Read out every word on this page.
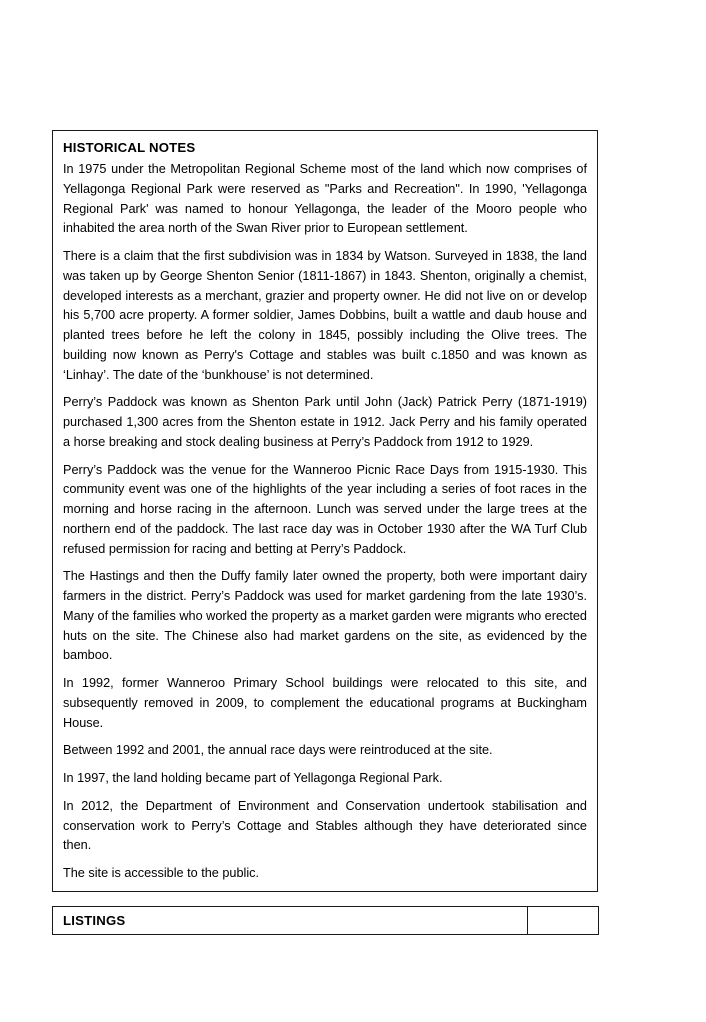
HISTORICAL NOTES

In 1975 under the Metropolitan Regional Scheme most of the land which now comprises of Yellagonga Regional Park were reserved as "Parks and Recreation". In 1990, 'Yellagonga Regional Park' was named to honour Yellagonga, the leader of the Mooro people who inhabited the area north of the Swan River prior to European settlement.

There is a claim that the first subdivision was in 1834 by Watson. Surveyed in 1838, the land was taken up by George Shenton Senior (1811-1867) in 1843. Shenton, originally a chemist, developed interests as a merchant, grazier and property owner. He did not live on or develop his 5,700 acre property. A former soldier, James Dobbins, built a wattle and daub house and planted trees before he left the colony in 1845, possibly including the Olive trees. The building now known as Perry's Cottage and stables was built c.1850 and was known as ‘Linhay’. The date of the ‘bunkhouse’ is not determined.

Perry’s Paddock was known as Shenton Park until John (Jack) Patrick Perry (1871-1919) purchased 1,300 acres from the Shenton estate in 1912. Jack Perry and his family operated a horse breaking and stock dealing business at Perry’s Paddock from 1912 to 1929.

Perry’s Paddock was the venue for the Wanneroo Picnic Race Days from 1915-1930. This community event was one of the highlights of the year including a series of foot races in the morning and horse racing in the afternoon. Lunch was served under the large trees at the northern end of the paddock. The last race day was in October 1930 after the WA Turf Club refused permission for racing and betting at Perry’s Paddock.

The Hastings and then the Duffy family later owned the property, both were important dairy farmers in the district. Perry’s Paddock was used for market gardening from the late 1930’s. Many of the families who worked the property as a market garden were migrants who erected huts on the site. The Chinese also had market gardens on the site, as evidenced by the bamboo.

In 1992, former Wanneroo Primary School buildings were relocated to this site, and subsequently removed in 2009, to complement the educational programs at Buckingham House.

Between 1992 and 2001, the annual race days were reintroduced at the site.

In 1997, the land holding became part of Yellagonga Regional Park.

In 2012, the Department of Environment and Conservation undertook stabilisation and conservation work to Perry’s Cottage and Stables although they have deteriorated since then.

The site is accessible to the public.

LISTINGS	
